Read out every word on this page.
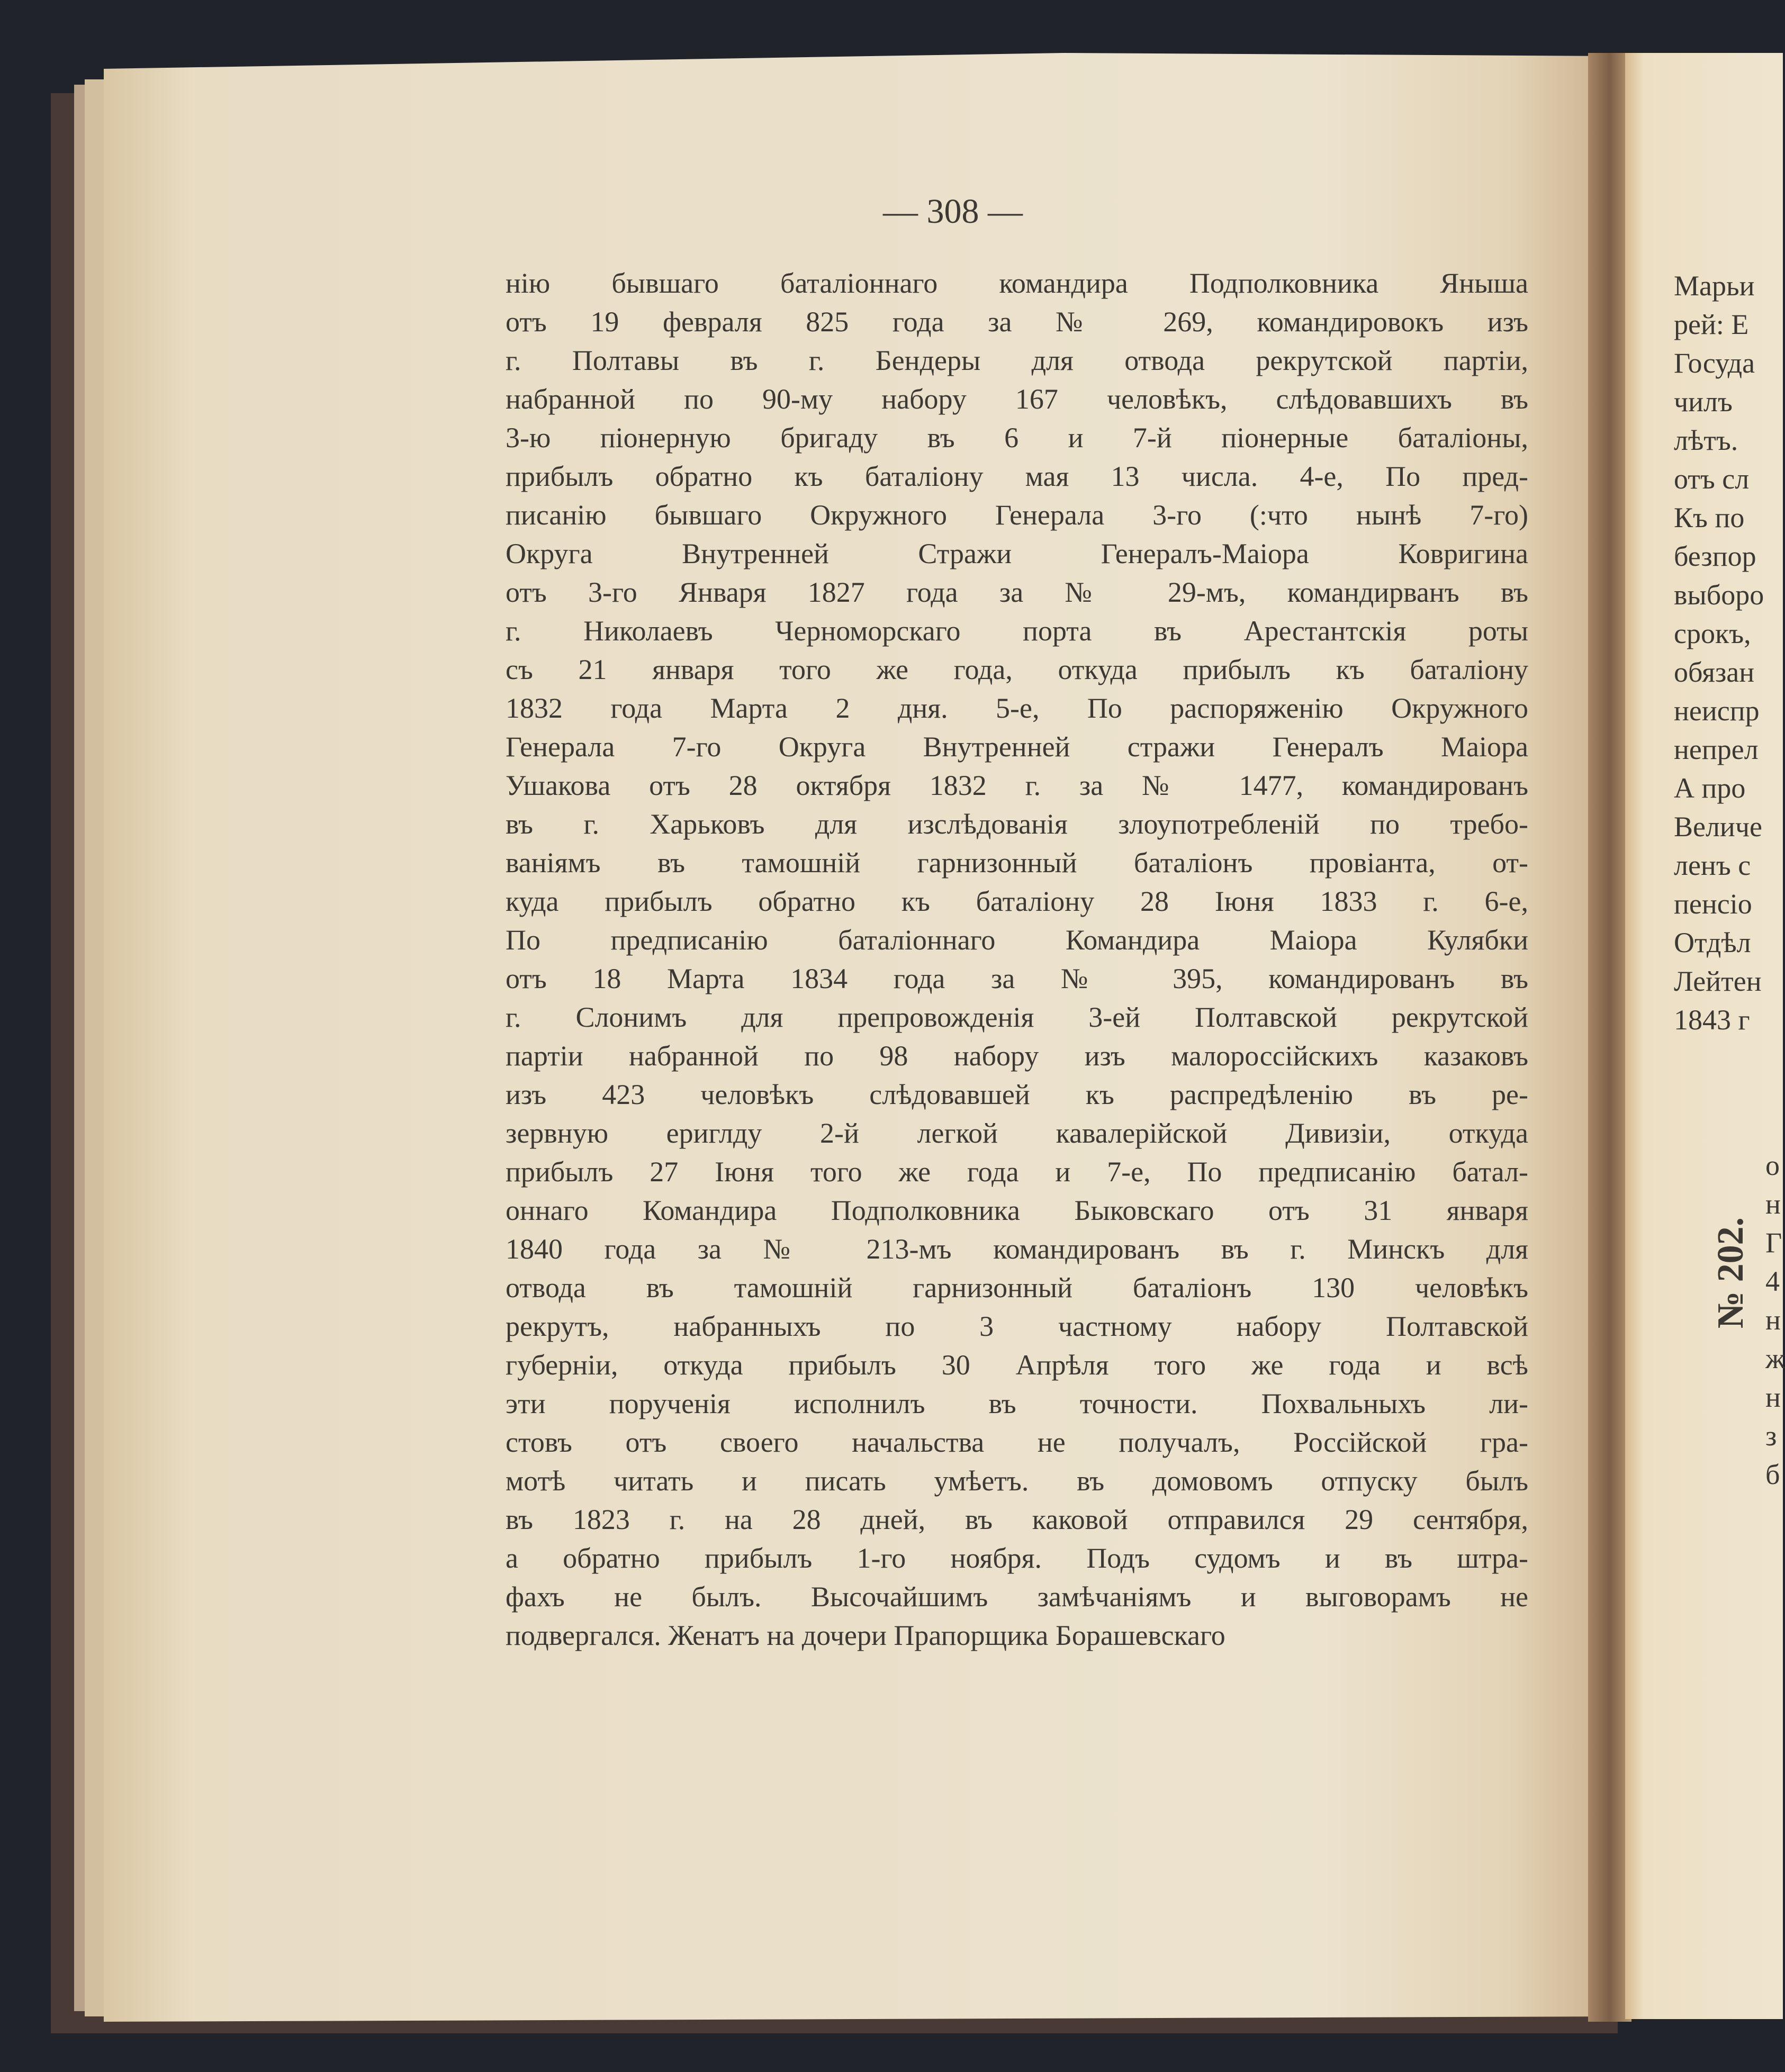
— 308 —
нію бывшаго баталіоннаго командира Подполковника Яныша
отъ 19 февраля 825 года за № 269, командировокъ изъ
г. Полтавы въ г. Бендеры для отвода рекрутской партіи,
набранной по 90-му набору 167 человѣкъ, слѣдовавшихъ въ
3-ю піонерную бригаду въ 6 и 7-й піонерные баталіоны,
прибылъ обратно къ баталіону мая 13 числа. 4-е, По пред-
писанію бывшаго Окружного Генерала 3-го (:что нынѣ 7-го)
Округа Внутренней Стражи Генералъ-Маіора Ковригина
отъ 3-го Января 1827 года за № 29-мъ, командирванъ въ
г. Николаевъ Черноморскаго порта въ Арестантскія роты
съ 21 января того же года, откуда прибылъ къ баталіону
1832 года Марта 2 дня. 5-е, По распоряженію Окружного
Генерала 7-го Округа Внутренней стражи Генералъ Маіора
Ушакова отъ 28 октября 1832 г. за № 1477, командированъ
въ г. Харьковъ для изслѣдованія злоупотребленій по требо-
ваніямъ въ тамошній гарнизонный баталіонъ провіанта, от-
куда прибылъ обратно къ баталіону 28 Іюня 1833 г. 6-е,
По предписанію баталіоннаго Командира Маіора Кулябки
отъ 18 Марта 1834 года за № 395, командированъ въ
г. Слонимъ для препровожденія 3-ей Полтавской рекрутской
партіи набранной по 98 набору изъ малороссійскихъ казаковъ
изъ 423 человѣкъ слѣдовавшей къ распредѣленію въ ре-
зервную ериглду 2-й легкой кавалерійской Дивизіи, откуда
прибылъ 27 Іюня того же года и 7-е, По предписанію батал-
оннаго Командира Подполковника Быковскаго отъ 31 января
1840 года за № 213-мъ командированъ въ г. Минскъ для
отвода въ тамошній гарнизонный баталіонъ 130 человѣкъ
рекрутъ, набранныхъ по 3 частному набору Полтавской
губерніи, откуда прибылъ 30 Апрѣля того же года и всѣ
эти порученія исполнилъ въ точности. Похвальныхъ ли-
стовъ отъ своего начальства не получалъ, Россійской гра-
мотѣ читать и писать умѣетъ. въ домовомъ отпуску былъ
въ 1823 г. на 28 дней, въ каковой отправился 29 сентября,
а обратно прибылъ 1-го ноября. Подъ судомъ и въ штра-
фахъ не былъ. Высочайшимъ замѣчаніямъ и выговорамъ не
подвергался. Женатъ на дочери Прапорщика Борашевскаго
Марьи
рей: Е
Госуда
чилъ
лѣтъ.
отъ сл
Къ по
безпор
выборо
срокъ,
обязан
неиспр
непрел
А про
Величе
ленъ с
пенсіо
Отдѣл
Лейтен
1843 г
№ 202.
о
н
Г
4
н
ж
н
з
б
